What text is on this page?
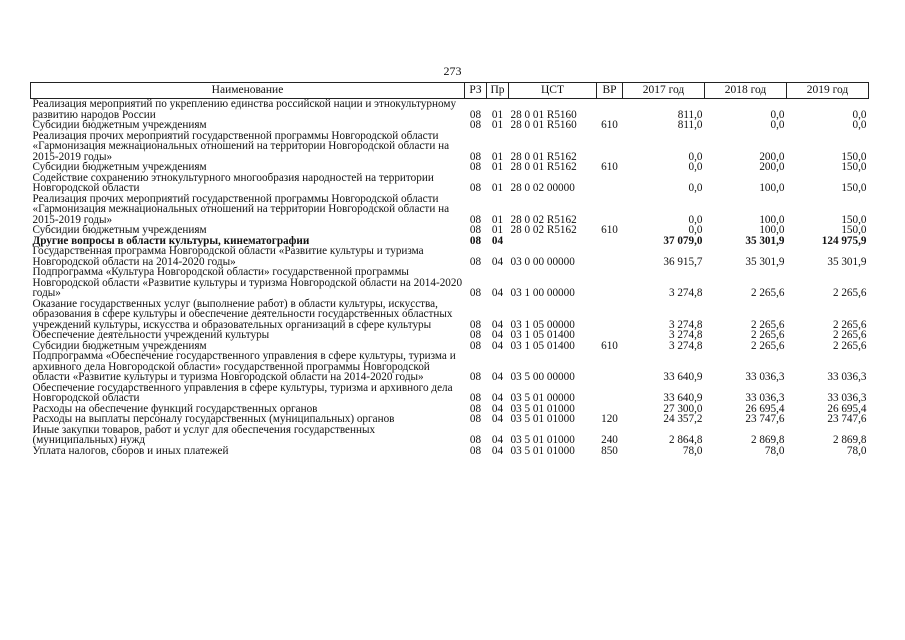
273
Наименование	РЗ	Пр	ЦСТ	ВР	2017 год	2018 год	2019 год
Реализация мероприятий по укреплению единства российской нации и этнокультурному развитию народов России	08	01	28 0 01 R5160		811,0	0,0	0,0
Субсидии бюджетным учреждениям	08	01	28 0 01 R5160	610	811,0	0,0	0,0
Реализация прочих мероприятий государственной программы Новгородской области «Гармонизация межнациональных отношений на территории Новгородской области на 2015-2019 годы»	08	01	28 0 01 R5162		0,0	200,0	150,0
Субсидии бюджетным учреждениям	08	01	28 0 01 R5162	610	0,0	200,0	150,0
Содействие сохранению этнокультурного многообразия народностей на территории Новгородской области	08	01	28 0 02 00000		0,0	100,0	150,0
Реализация прочих мероприятий государственной программы Новгородской области «Гармонизация межнациональных отношений на территории Новгородской области на 2015-2019 годы»	08	01	28 0 02 R5162		0,0	100,0	150,0
Субсидии бюджетным учреждениям	08	01	28 0 02 R5162	610	0,0	100,0	150,0
Другие вопросы в области культуры, кинематографии	08	04			37 079,0	35 301,9	124 975,9
Государственная программа Новгородской области «Развитие культуры и туризма Новгородской области на 2014-2020 годы»	08	04	03 0 00 00000		36 915,7	35 301,9	35 301,9
Подпрограмма «Культура Новгородской области» государственной программы Новгородской области «Развитие культуры и туризма Новгородской области на 2014-2020 годы»	08	04	03 1 00 00000		3 274,8	2 265,6	2 265,6
Оказание государственных услуг (выполнение работ) в области культуры, искусства, образования в сфере культуры и обеспечение деятельности государственных областных учреждений культуры, искусства и образовательных организаций в сфере культуры	08	04	03 1 05 00000		3 274,8	2 265,6	2 265,6
Обеспечение деятельности учреждений культуры	08	04	03 1 05 01400		3 274,8	2 265,6	2 265,6
Субсидии бюджетным учреждениям	08	04	03 1 05 01400	610	3 274,8	2 265,6	2 265,6
Подпрограмма «Обеспечение государственного управления в сфере культуры, туризма и архивного дела Новгородской области» государственной программы Новгородской области «Развитие культуры и туризма Новгородской области на 2014-2020 годы»	08	04	03 5 00 00000		33 640,9	33 036,3	33 036,3
Обеспечение государственного управления в сфере культуры, туризма и архивного дела Новгородской области	08	04	03 5 01 00000		33 640,9	33 036,3	33 036,3
Расходы на обеспечение функций государственных органов	08	04	03 5 01 01000		27 300,0	26 695,4	26 695,4
Расходы на выплаты персоналу государственных (муниципальных) органов	08	04	03 5 01 01000	120	24 357,2	23 747,6	23 747,6
Иные закупки товаров, работ и услуг для обеспечения государственных (муниципальных) нужд	08	04	03 5 01 01000	240	2 864,8	2 869,8	2 869,8
Уплата налогов, сборов и иных платежей	08	04	03 5 01 01000	850	78,0	78,0	78,0
